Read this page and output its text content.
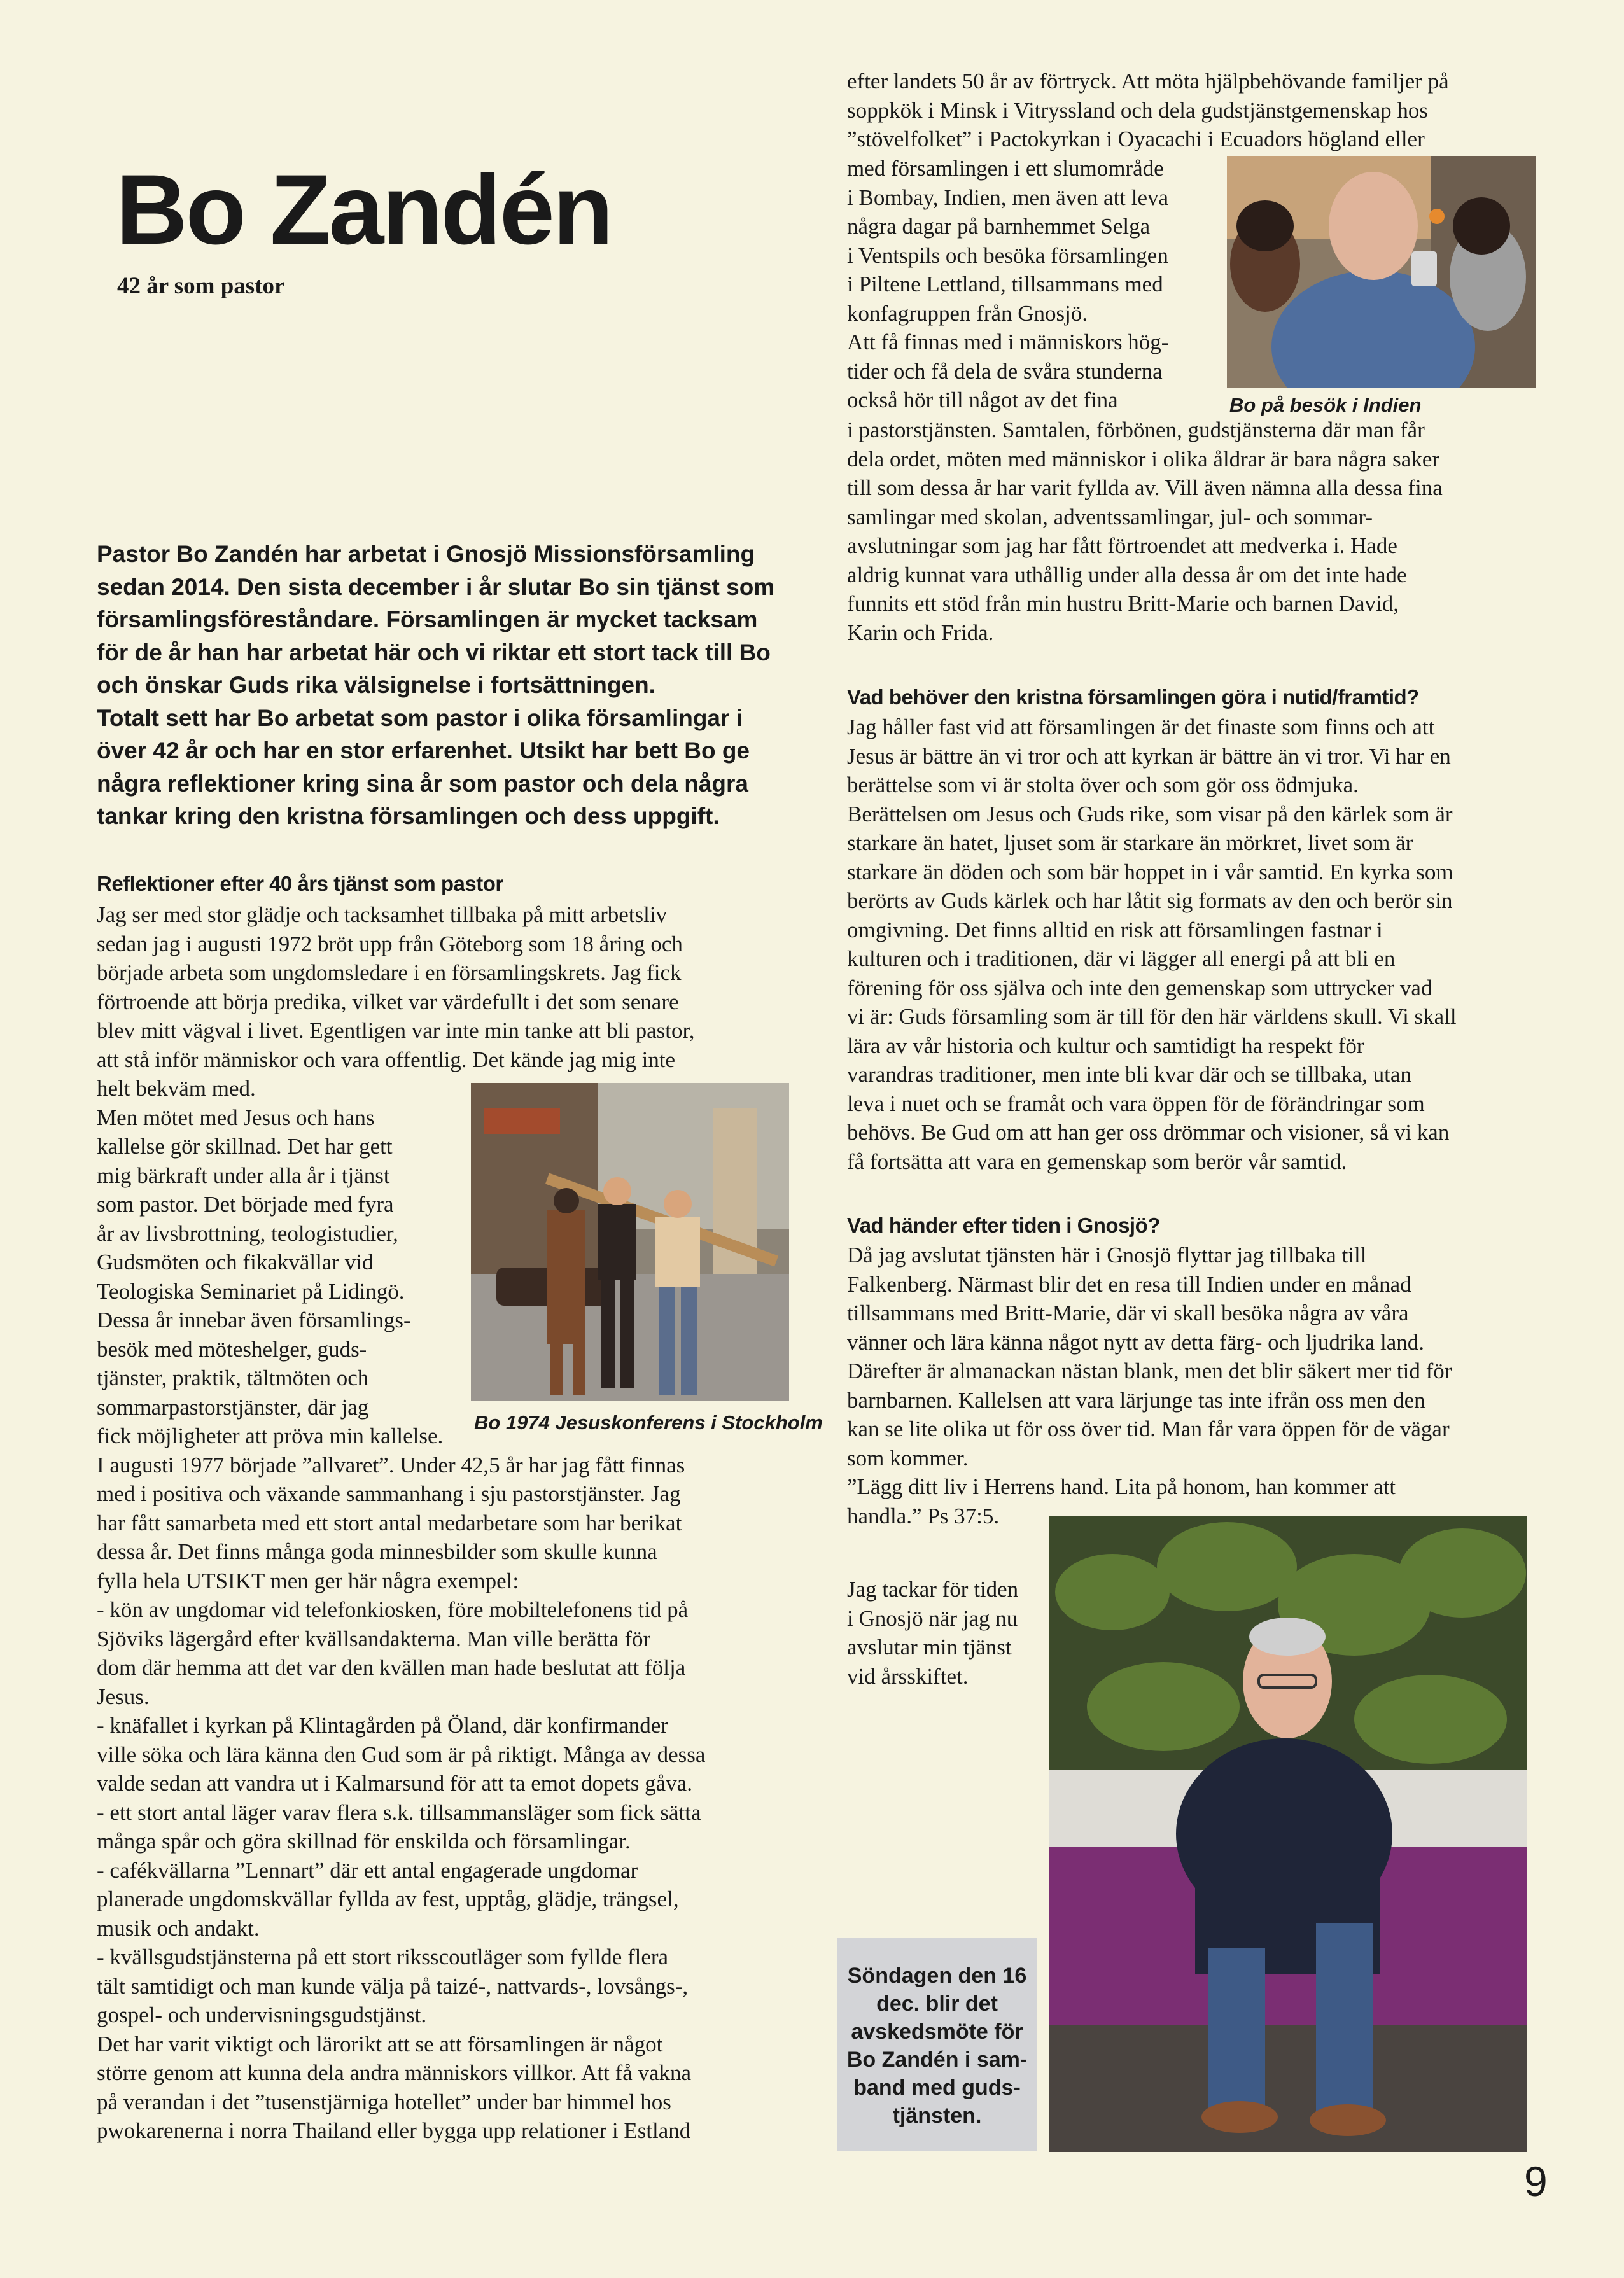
Bo Zandén
42 år som pastor

Pastor Bo Zandén har arbetat i Gnosjö Missionsförsamling sedan 2014. Den sista december i år slutar Bo sin tjänst som församlingsföreståndare. Församlingen är mycket tacksam för de år han har arbetat här och vi riktar ett stort tack till Bo och önskar Guds rika välsignelse i fortsättningen.

Totalt sett har Bo arbetat som pastor i olika församlingar i över 42 år och har en stor erfarenhet. Utsikt har bett Bo ge några reflektioner kring sina år som pastor och dela några tankar kring den kristna församlingen och dess uppgift.

Reflektioner efter 40 års tjänst som pastor
Jag ser med stor glädje och tacksamhet tillbaka på mitt arbetsliv
sedan jag i augusti 1972 bröt upp från Göteborg som 18 åring och
började arbeta som ungdomsledare i en församlingskrets. Jag fick
förtroende att börja predika, vilket var värdefullt i det som senare
blev mitt vägval i livet. Egentligen var inte min tanke att bli pastor,
att stå inför människor och vara offentlig. Det kände jag mig inte
helt bekväm med.
Men mötet med Jesus och hans
kallelse gör skillnad. Det har gett
mig bärkraft under alla år i tjänst
som pastor. Det började med fyra
år av livsbrottning, teologistudier,
Gudsmöten och fikakvällar vid
Teologiska Seminariet på Lidingö.
Dessa år innebar även församlings-
besök med möteshelger, guds-
tjänster, praktik, tältmöten och
sommarpastorstjänster, där jag
Bo 1974 Jesuskonferens i Stockholm
fick möjligheter att pröva min kallelse.
I augusti 1977 började ”allvaret”. Under 42,5 år har jag fått finnas
med i positiva och växande sammanhang i sju pastorstjänster. Jag
har fått samarbeta med ett stort antal medarbetare som har berikat
dessa år. Det finns många goda minnesbilder som skulle kunna
fylla hela UTSIKT men ger här några exempel:
- kön av ungdomar vid telefonkiosken, före mobiltelefonens tid på
Sjöviks lägergård efter kvällsandakterna. Man ville berätta för
dom där hemma att det var den kvällen man hade beslutat att följa
Jesus.
- knäfallet i kyrkan på Klintagården på Öland, där konfirmander
ville söka och lära känna den Gud som är på riktigt. Många av dessa
valde sedan att vandra ut i Kalmarsund för att ta emot dopets gåva.
- ett stort antal läger varav flera s.k. tillsammansläger som fick sätta
många spår och göra skillnad för enskilda och församlingar.
- cafékvällarna ”Lennart” där ett antal engagerade ungdomar
planerade ungdomskvällar fyllda av fest, upptåg, glädje, trängsel,
musik och andakt.
- kvällsgudstjänsterna på ett stort riksscoutläger som fyllde flera
tält samtidigt och man kunde välja på taizé-, nattvards-, lovsångs-,
gospel- och undervisningsgudstjänst.
Det har varit viktigt och lärorikt att se att församlingen är något
större genom att kunna dela andra människors villkor. Att få vakna
på verandan i det ”tusenstjärniga hotellet” under bar himmel hos
pwokarenerna i norra Thailand eller bygga upp relationer i Estland
efter landets 50 år av förtryck. Att möta hjälpbehövande familjer på
soppkök i Minsk i Vitryssland och dela gudstjänstgemenskap hos
”stövelfolket” i Pactokyrkan i Oyacachi i Ecuadors högland eller
med församlingen i ett slumområde
i Bombay, Indien, men även att leva
några dagar på barnhemmet Selga
i Ventspils och besöka församlingen
i Piltene Lettland, tillsammans med
konfagruppen från Gnosjö.
Att få finnas med i människors hög-
tider och få dela de svåra stunderna
också hör till något av det fina	Bo på besök i Indien
i pastorstjänsten. Samtalen, förbönen, gudstjänsterna där man får
dela ordet, möten med människor i olika åldrar är bara några saker
till som dessa år har varit fyllda av. Vill även nämna alla dessa fina
samlingar med skolan, adventssamlingar, jul- och sommar-
avslutningar som jag har fått förtroendet att medverka i. Hade
aldrig kunnat vara uthållig under alla dessa år om det inte hade
funnits ett stöd från min hustru Britt-Marie och barnen David,
Karin och Frida.
Vad behöver den kristna församlingen göra i nutid/framtid?
Jag håller fast vid att församlingen är det finaste som finns och att
Jesus är bättre än vi tror och att kyrkan är bättre än vi tror. Vi har en
berättelse som vi är stolta över och som gör oss ödmjuka.
Berättelsen om Jesus och Guds rike, som visar på den kärlek som är
starkare än hatet, ljuset som är starkare än mörkret, livet som är
starkare än döden och som bär hoppet in i vår samtid. En kyrka som
berörts av Guds kärlek och har låtit sig formats av den och berör sin
omgivning. Det finns alltid en risk att församlingen fastnar i
kulturen och i traditionen, där vi lägger all energi på att bli en
förening för oss själva och inte den gemenskap som uttrycker vad
vi är: Guds församling som är till för den här världens skull. Vi skall
lära av vår historia och kultur och samtidigt ha respekt för
varandras traditioner, men inte bli kvar där och se tillbaka, utan
leva i nuet och se framåt och vara öppen för de förändringar som
behövs. Be Gud om att han ger oss drömmar och visioner, så vi kan
få fortsätta att vara en gemenskap som berör vår samtid.
Vad händer efter tiden i Gnosjö?
Då jag avslutat tjänsten här i Gnosjö flyttar jag tillbaka till
Falkenberg. Närmast blir det en resa till Indien under en månad
tillsammans med Britt-Marie, där vi skall besöka några av våra
vänner och lära känna något nytt av detta färg- och ljudrika land.
Därefter är almanackan nästan blank, men det blir säkert mer tid för
barnbarnen. Kallelsen att vara lärjunge tas inte ifrån oss men den
kan se lite olika ut för oss över tid. Man får vara öppen för de vägar
som kommer.
”Lägg ditt liv i Herrens hand. Lita på honom, han kommer att
handla.” Ps 37:5.
Jag tackar för tiden
i Gnosjö när jag nu
avslutar min tjänst
vid årsskiftet.
Söndagen den 16
dec. blir det
avskedsmöte för
Bo Zandén i sam-
band med guds-
tjänsten.
9
